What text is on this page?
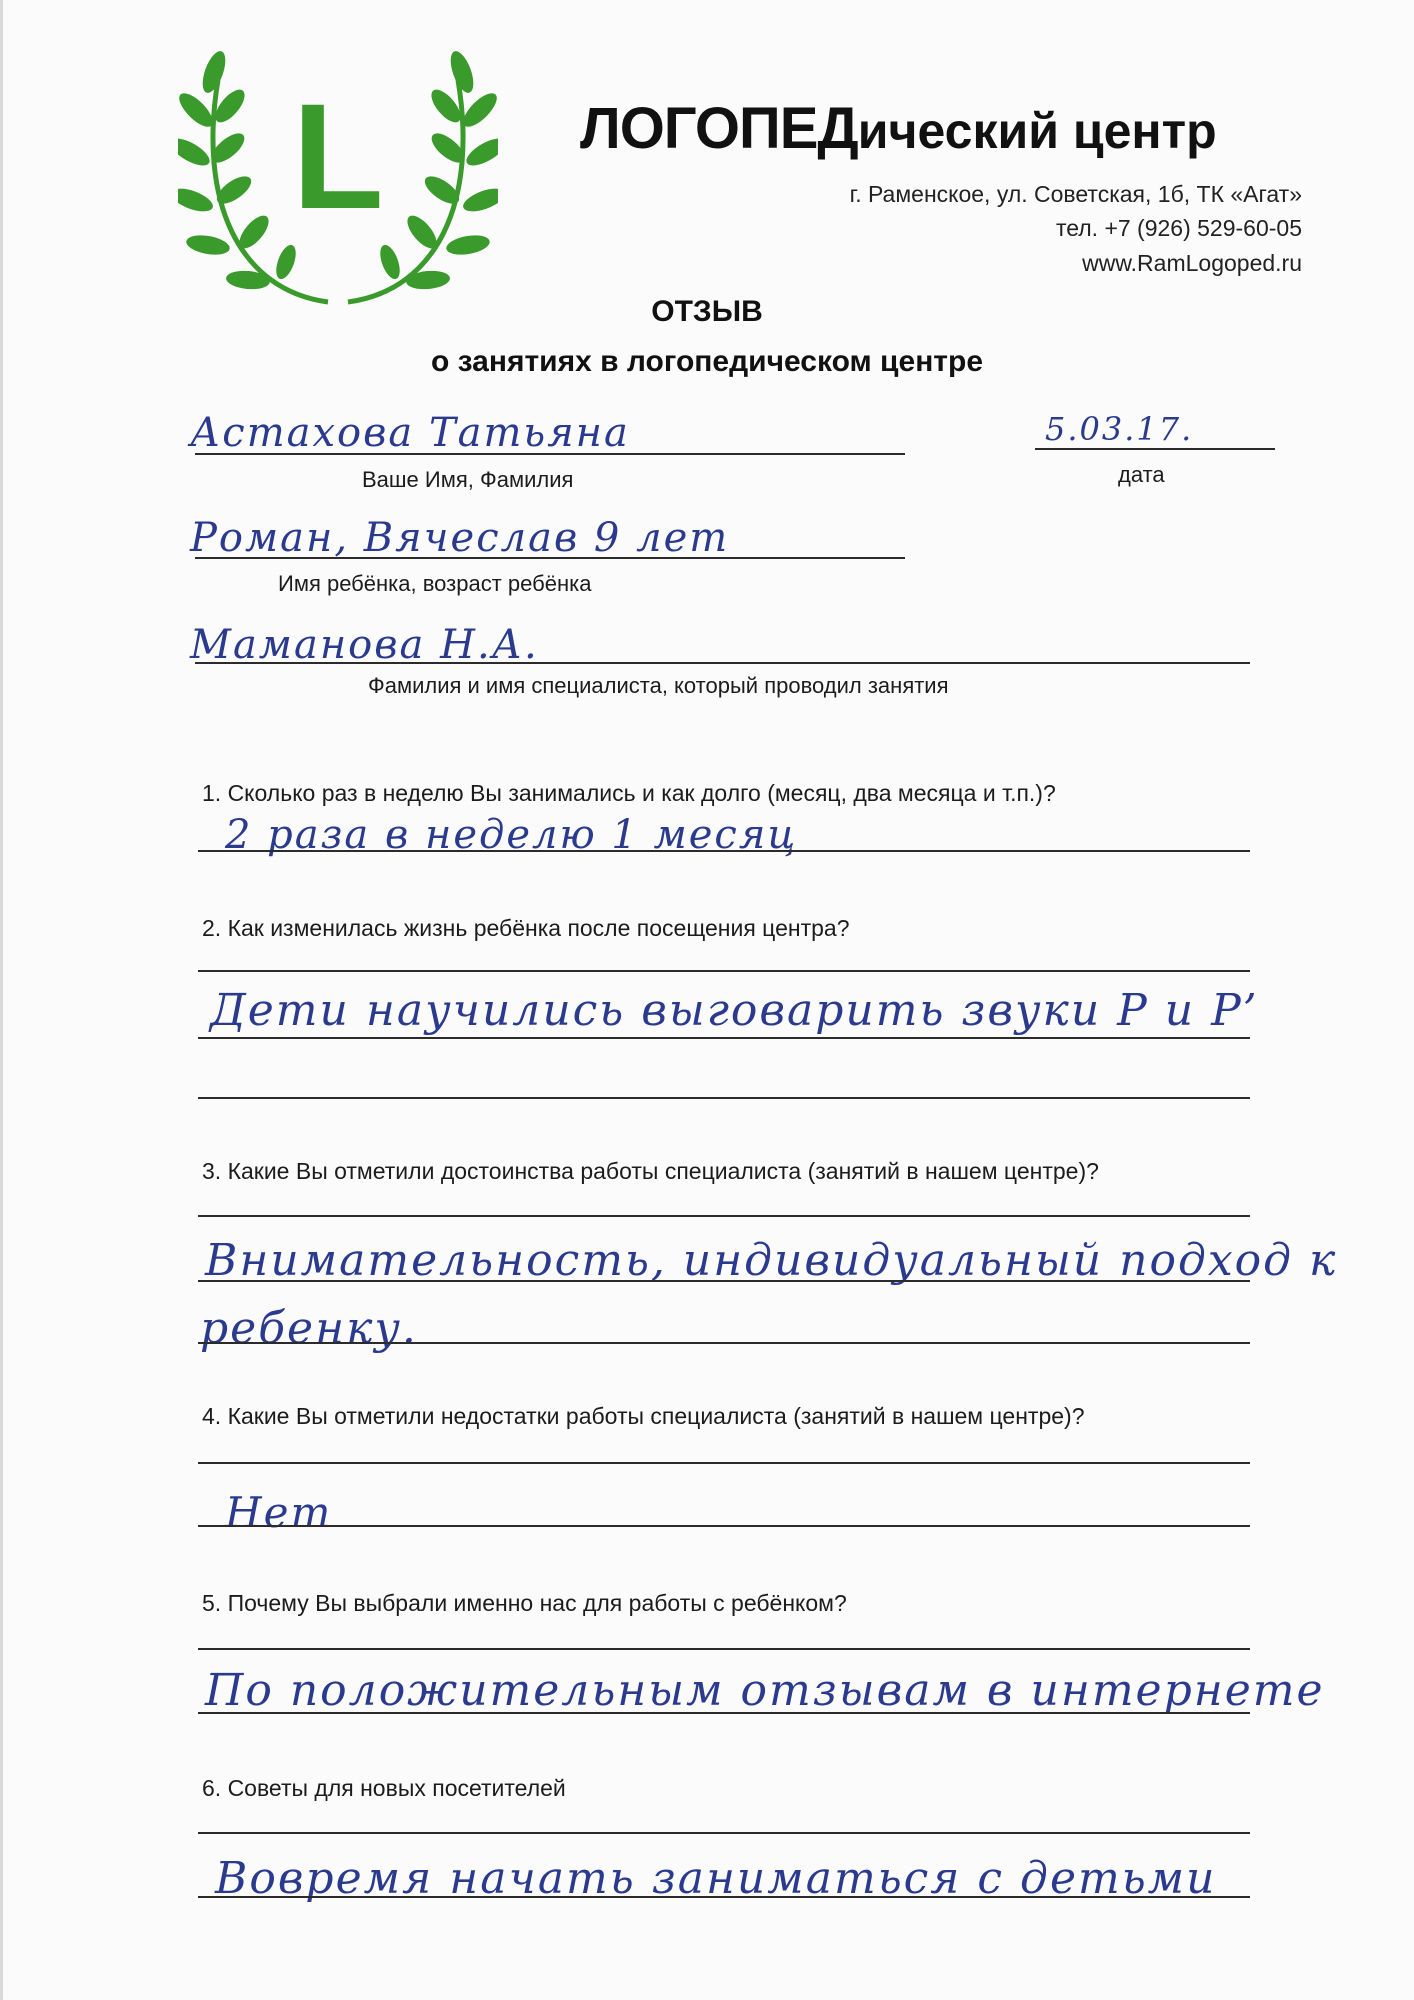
L	ЛОГОПЕДический центр
г. Раменское, ул. Советская, 1б, ТК «Агат»
тел. +7 (926) 529-60-05
www.RamLogoped.ru
ОТЗЫВ
о занятиях в логопедическом центре
Астахова Татьяна
Ваше Имя, Фамилия
5.03.17.
дата
Роман, Вячеслав 9 лет
Имя ребёнка, возраст ребёнка
Маманова Н.А.
Фамилия и имя специалиста, который проводил занятия
1. Сколько раз в неделю Вы занимались и как долго (месяц, два месяца и т.п.)?
2 раза в неделю 1 месяц
2. Как изменилась жизнь ребёнка после посещения центра?
Дети научились выговарить звуки Р и Р’
3. Какие Вы отметили достоинства работы специалиста (занятий в нашем центре)?
Внимательность, индивидуальный подход к
ребенку.
4. Какие Вы отметили недостатки работы специалиста (занятий в нашем центре)?
Нет
5. Почему Вы выбрали именно нас для работы с ребёнком?
По положительным отзывам в интернете
6. Советы для новых посетителей
Вовремя начать заниматься с детьми
